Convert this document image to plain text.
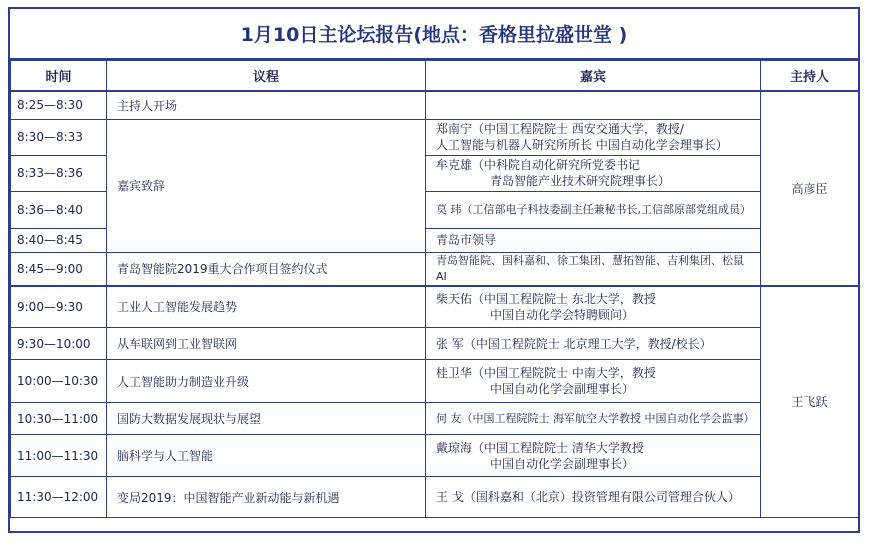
1月10日主论坛报告(地点：香格里拉盛世堂 )
时间	议程	嘉宾	主持人
8:25—8:30	主持人开场		高彦臣
8:30—8:33	嘉宾致辞	郑南宁（中国工程院院士 西安交通大学，教授/
人工智能与机器人研究所所长 中国自动化学会理事长）	

8:33—8:36		牟克雄（中科院自动化研究所党委书记
青岛智能产业技术研究院理事长）	

8:36—8:40		莫 玮（工信部电子科技委副主任兼秘书长,工信部原部党组成员）	
8:40—8:45		青岛市领导	
8:45—9:00	青岛智能院2019重大合作项目签约仪式	青岛智能院、国科嘉和、徐工集团、慧拓智能、吉利集团、松鼠AI	
9:00—9:30	工业人工智能发展趋势	柴天佑（中国工程院院士 东北大学，教授
中国自动化学会特聘顾问）	王飞跃
9:30—10:00	从车联网到工业智联网	张 军（中国工程院院士 北京理工大学，教授/校长）	
10:00—10:30	人工智能助力制造业升级	桂卫华（中国工程院院士 中南大学，教授
中国自动化学会副理事长）	

10:30—11:00	国防大数据发展现状与展望	何 友（中国工程院院士 海军航空大学教授 中国自动化学会监事）	
11:00—11:30	脑科学与人工智能	戴琼海（中国工程院院士 清华大学教授
中国自动化学会副理事长）	

11:30—12:00	变局2019：中国智能产业新动能与新机遇	王 戈（国科嘉和（北京）投资管理有限公司管理合伙人）	
